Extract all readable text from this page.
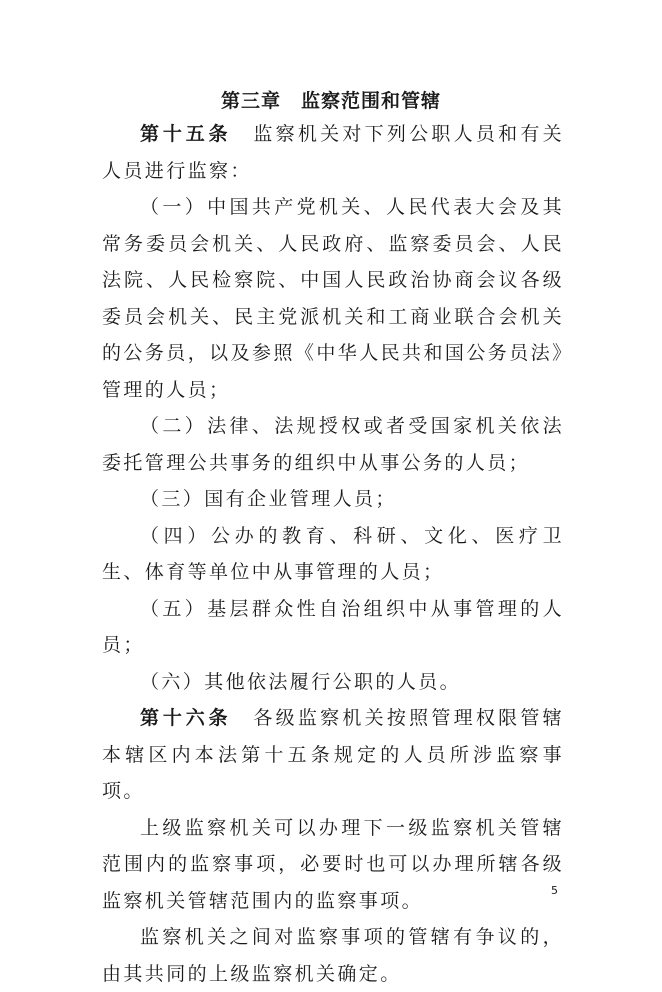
第三章　监察范围和管辖

第十五条 监察机关对下列公职人员和有关人员进行监察：

（一）中国共产党机关、人民代表大会及其常务委员会机关、人民政府、监察委员会、人民法院、人民检察院、中国人民政治协商会议各级委员会机关、民主党派机关和工商业联合会机关的公务员，以及参照《中华人民共和国公务员法》管理的人员；

（二）法律、法规授权或者受国家机关依法委托管理公共事务的组织中从事公务的人员；

（三）国有企业管理人员；

（四）公办的教育、科研、文化、医疗卫生、体育等单位中从事管理的人员；

（五）基层群众性自治组织中从事管理的人员；

（六）其他依法履行公职的人员。

第十六条 各级监察机关按照管理权限管辖本辖区内本法第十五条规定的人员所涉监察事项。

上级监察机关可以办理下一级监察机关管辖范围内的监察事项，必要时也可以办理所辖各级监察机关管辖范围内的监察事项。

监察机关之间对监察事项的管辖有争议的，由其共同的上级监察机关确定。

5
